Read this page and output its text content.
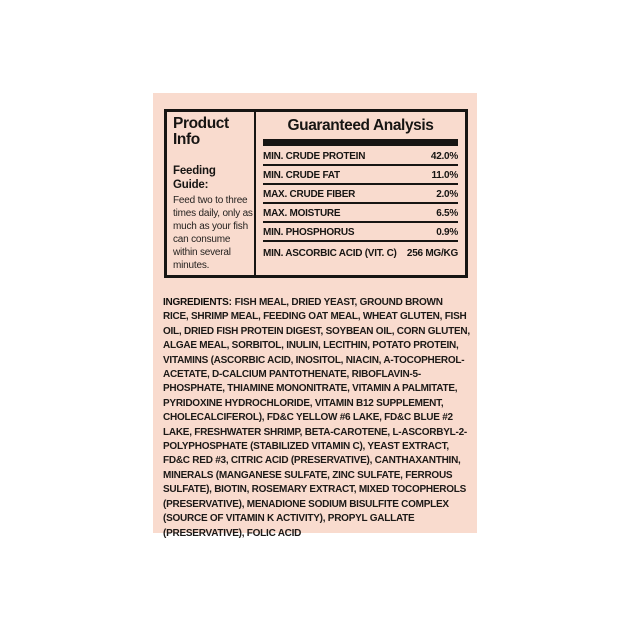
Product Info
Feeding Guide:
Feed two to three times daily, only as much as your fish can consume within several minutes.
Guaranteed Analysis
MIN. CRUDE PROTEIN	42.0%
MIN. CRUDE FAT	11.0%
MAX. CRUDE FIBER	2.0%
MAX. MOISTURE	6.5%
MIN. PHOSPHORUS	0.9%
MIN. ASCORBIC ACID (VIT. C) 256 MG/KG

INGREDIENTS: FISH MEAL, DRIED YEAST, GROUND BROWN RICE, SHRIMP MEAL, FEEDING OAT MEAL, WHEAT GLUTEN, FISH OIL, DRIED FISH PROTEIN DIGEST, SOYBEAN OIL, CORN GLUTEN, ALGAE MEAL, SORBITOL, INULIN, LECITHIN, POTATO PROTEIN, VITAMINS (ASCORBIC ACID, INOSITOL, NIACIN, A-TOCOPHEROL-ACETATE, D-CALCIUM PANTOTHENATE, RIBOFLAVIN-5-PHOSPHATE, THIAMINE MONONITRATE, VITAMIN A PALMITATE, PYRIDOXINE HYDROCHLORIDE, VITAMIN B12 SUPPLEMENT, CHOLECALCIFEROL), FD&C YELLOW #6 LAKE, FD&C BLUE #2 LAKE, FRESHWATER SHRIMP, BETA-CAROTENE, L-ASCORBYL-2-POLYPHOSPHATE (STABILIZED VITAMIN C), YEAST EXTRACT, FD&C RED #3, CITRIC ACID (PRESERVATIVE), CANTHAXANTHIN, MINERALS (MANGANESE SULFATE, ZINC SULFATE, FERROUS SULFATE), BIOTIN, ROSEMARY EXTRACT, MIXED TOCOPHEROLS (PRESERVATIVE), MENADIONE SODIUM BISULFITE COMPLEX (SOURCE OF VITAMIN K ACTIVITY), PROPYL GALLATE (PRESERVATIVE), FOLIC ACID
